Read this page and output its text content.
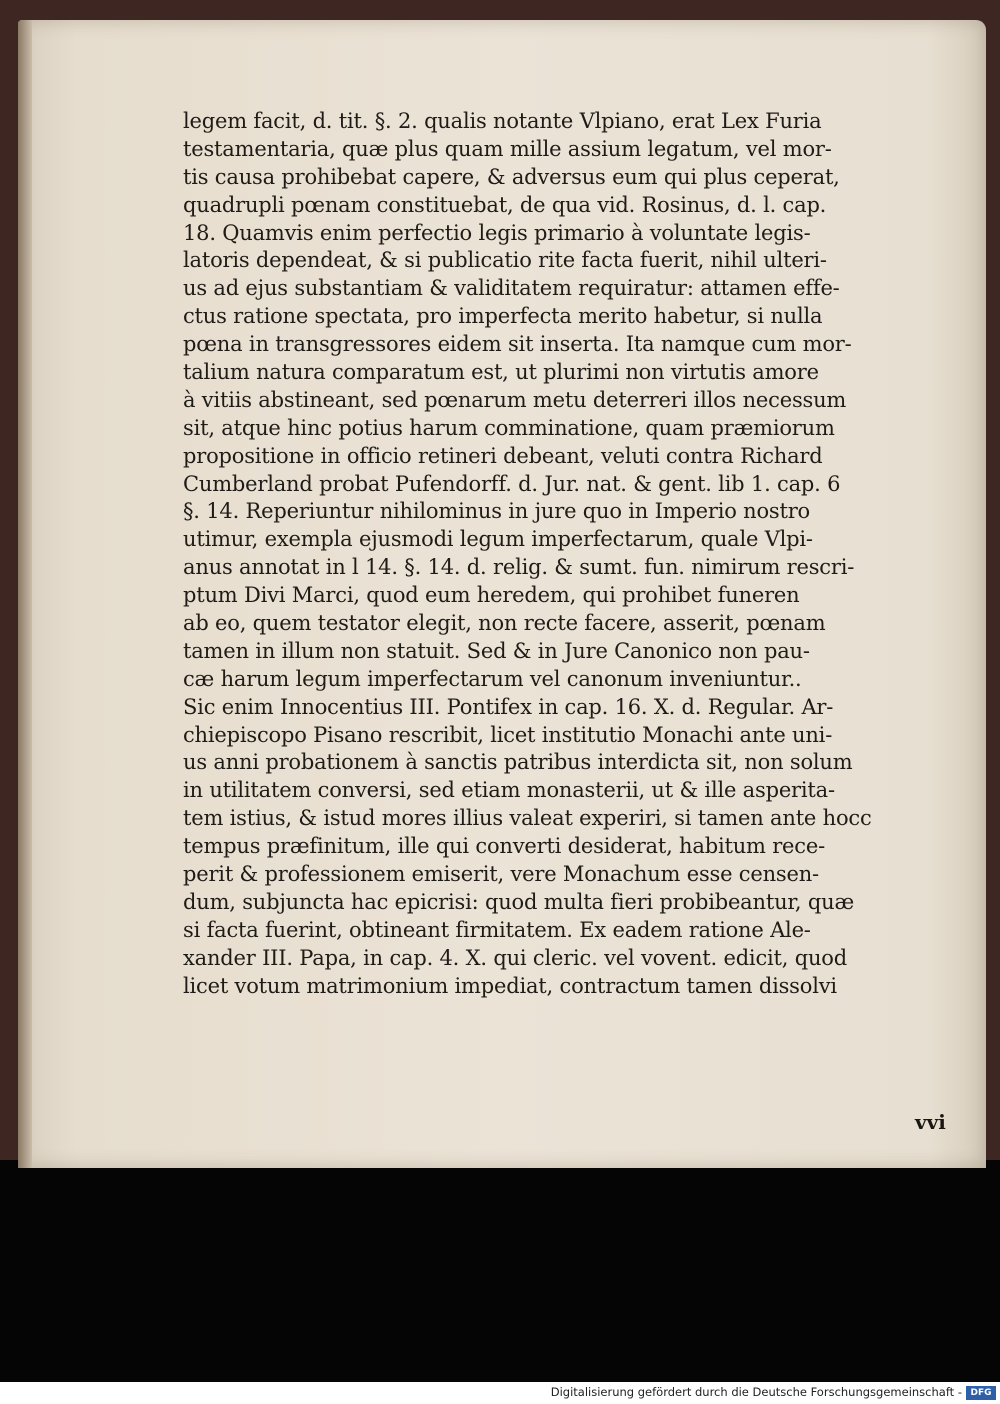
legem facit, d. tit. §. 2. qualis notante Vlpiano, erat Lex Furia
testamentaria, quæ plus quam mille assium legatum, vel mor-
tis causa prohibebat capere, & adversus eum qui plus ceperat,
quadrupli pœnam constituebat, de qua vid. Rosinus, d. l. cap.
18. Quamvis enim perfectio legis primario à voluntate legis-
latoris dependeat, & si publicatio rite facta fuerit, nihil ulteri-
us ad ejus substantiam & validitatem requiratur: attamen effe-
ctus ratione spectata, pro imperfecta merito habetur, si nulla
pœna in transgressores eidem sit inserta. Ita namque cum mor-
talium natura comparatum est, ut plurimi non virtutis amore
à vitiis abstineant, sed pœnarum metu deterreri illos necessum
sit, atque hinc potius harum comminatione, quam præmiorum
propositione in officio retineri debeant, veluti contra Richard
Cumberland probat Pufendorff. d. Jur. nat. & gent. lib 1. cap. 6
§. 14. Reperiuntur nihilominus in jure quo in Imperio nostro
utimur, exempla ejusmodi legum imperfectarum, quale Vlpi-
anus annotat in l 14. §. 14. d. relig. & sumt. fun. nimirum rescri-
ptum Divi Marci, quod eum heredem, qui prohibet funeren
ab eo, quem testator elegit, non recte facere, asserit, pœnam
tamen in illum non statuit. Sed & in Jure Canonico non pau-
cæ harum legum imperfectarum vel canonum inveniuntur..
Sic enim Innocentius III. Pontifex in cap. 16. X. d. Regular. Ar-
chiepiscopo Pisano rescribit, licet institutio Monachi ante uni-
us anni probationem à sanctis patribus interdicta sit, non solum
in utilitatem conversi, sed etiam monasterii, ut & ille asperita-
tem istius, & istud mores illius valeat experiri, si tamen ante hocc
tempus præfinitum, ille qui converti desiderat, habitum rece-
perit & professionem emiserit, vere Monachum esse censen-
dum, subjuncta hac epicrisi: quod multa fieri probibeantur, quæ
si facta fuerint, obtineant firmitatem. Ex eadem ratione Ale-
xander III. Papa, in cap. 4. X. qui cleric. vel vovent. edicit, quod
licet votum matrimonium impediat, contractum tamen dissolvi
vvi
Digitalisierung gefördert durch die Deutsche Forschungsgemeinschaft - DFG
